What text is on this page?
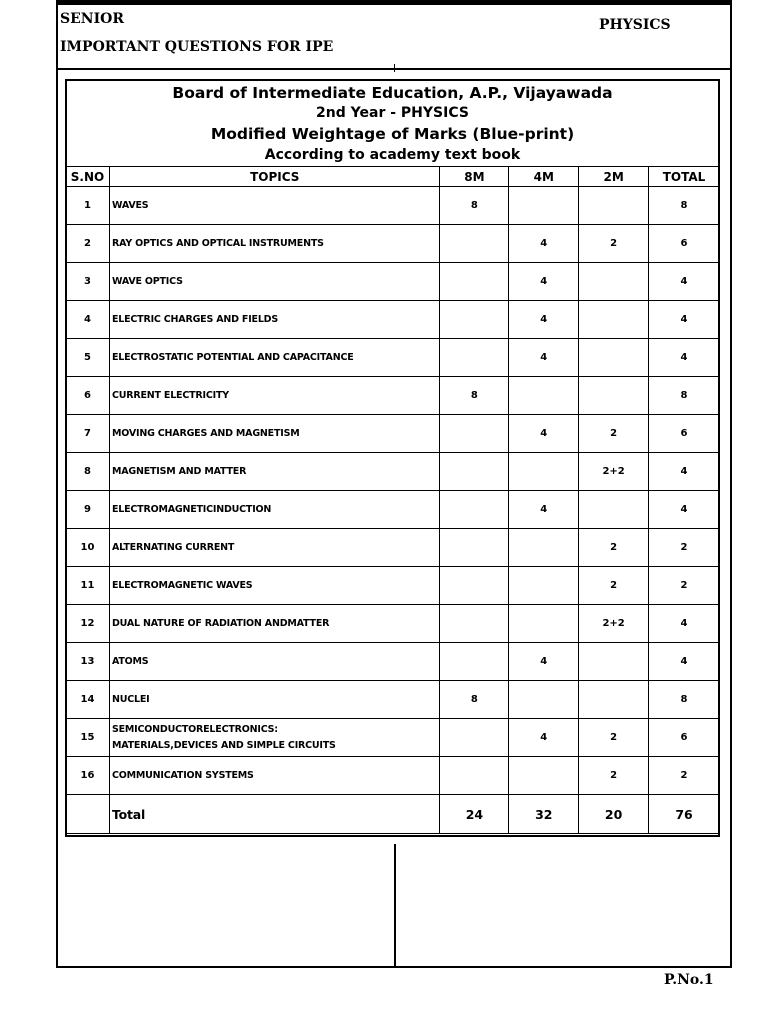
SENIOR
IMPORTANT QUESTIONS FOR IPE
PHYSICS
Board of Intermediate Education, A.P., Vijayawada
2nd Year - PHYSICS
Modified Weightage of Marks (Blue-print)
According to academy text book
S.NO	TOPICS	8M	4M	2M	TOTAL
1	WAVES	8			8
2	RAY OPTICS AND OPTICAL INSTRUMENTS		4	2	6
3	WAVE OPTICS		4		4
4	ELECTRIC CHARGES AND FIELDS		4		4
5	ELECTROSTATIC POTENTIAL AND CAPACITANCE		4		4
6	CURRENT ELECTRICITY	8			8
7	MOVING CHARGES AND MAGNETISM		4	2	6
8	MAGNETISM AND MATTER			2+2	4
9	ELECTROMAGNETICINDUCTION		4		4
10	ALTERNATING CURRENT			2	2
11	ELECTROMAGNETIC WAVES			2	2
12	DUAL NATURE OF RADIATION ANDMATTER			2+2	4
13	ATOMS		4		4
14	NUCLEI	8			8
15	SEMICONDUCTORELECTRONICS:
MATERIALS,DEVICES AND SIMPLE CIRCUITS		4	2	6
16	COMMUNICATION SYSTEMS			2	2
	Total	24	32	20	76
P.No.1
